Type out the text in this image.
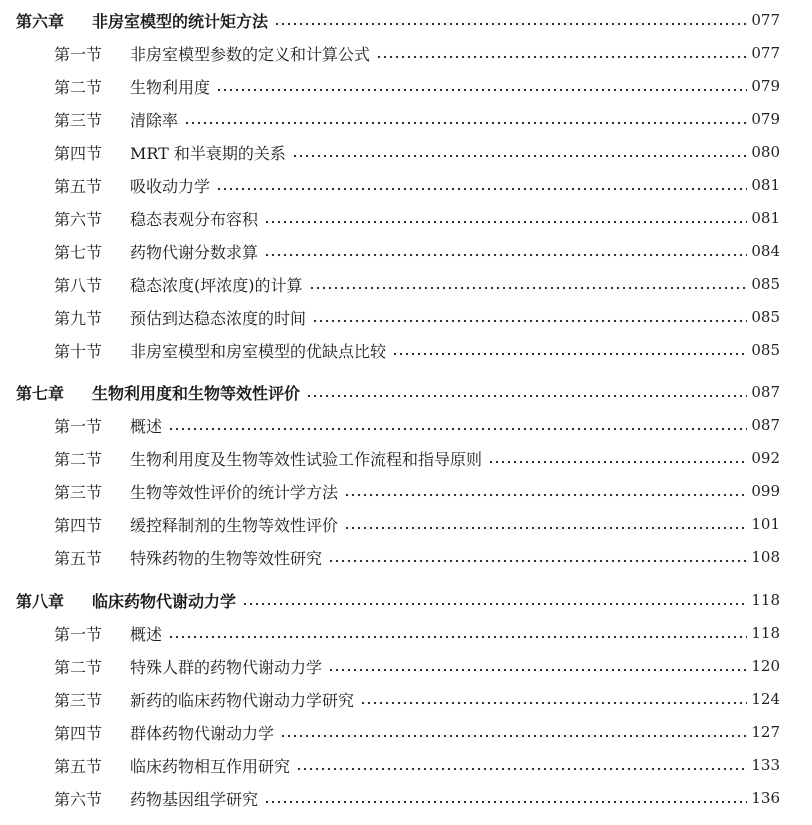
第六章	非房室模型的统计矩方法	077
第一节	非房室模型参数的定义和计算公式	077
第二节	生物利用度	079
第三节	清除率	079
第四节	MRT 和半衰期的关系	080
第五节	吸收动力学	081
第六节	稳态表观分布容积	081
第七节	药物代谢分数求算	084
第八节	稳态浓度(坪浓度)的计算	085
第九节	预估到达稳态浓度的时间	085
第十节	非房室模型和房室模型的优缺点比较	085
第七章	生物利用度和生物等效性评价	087
第一节	概述	087
第二节	生物利用度及生物等效性试验工作流程和指导原则	092
第三节	生物等效性评价的统计学方法	099
第四节	缓控释制剂的生物等效性评价	101
第五节	特殊药物的生物等效性研究	108
第八章	临床药物代谢动力学	118
第一节	概述	118
第二节	特殊人群的药物代谢动力学	120
第三节	新药的临床药物代谢动力学研究	124
第四节	群体药物代谢动力学	127
第五节	临床药物相互作用研究	133
第六节	药物基因组学研究	136
